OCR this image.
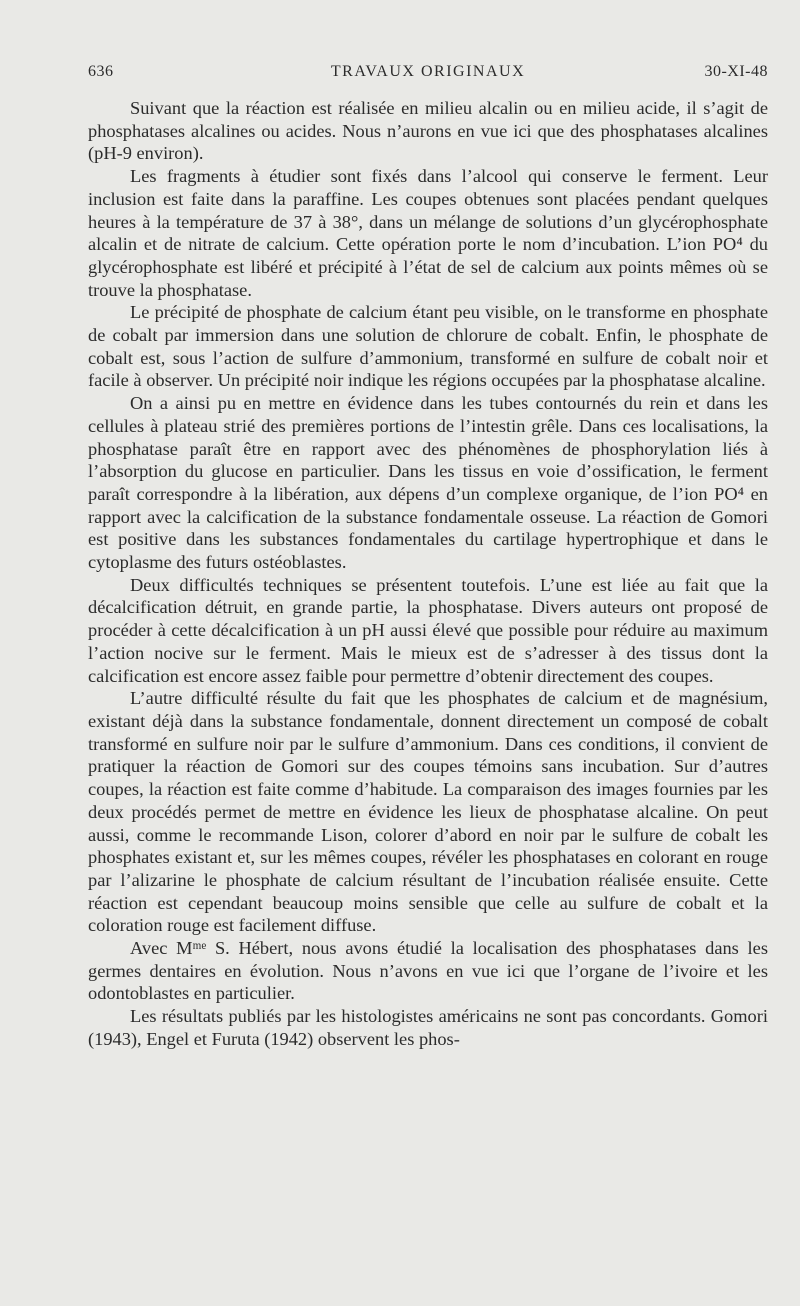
636	TRAVAUX ORIGINAUX	30-XI-48

Suivant que la réaction est réalisée en milieu alcalin ou en milieu acide, il s’agit de phosphatases alcalines ou acides. Nous n’aurons en vue ici que des phosphatases alcalines (pH-9 environ).

Les fragments à étudier sont fixés dans l’alcool qui conserve le ferment. Leur inclusion est faite dans la paraffine. Les coupes obtenues sont placées pendant quelques heures à la température de 37 à 38°, dans un mélange de solutions d’un glycérophosphate alcalin et de nitrate de calcium. Cette opération porte le nom d’incubation. L’ion PO⁴ du glycérophosphate est libéré et précipité à l’état de sel de calcium aux points mêmes où se trouve la phosphatase.

Le précipité de phosphate de calcium étant peu visible, on le transforme en phosphate de cobalt par immersion dans une solution de chlorure de cobalt. Enfin, le phosphate de cobalt est, sous l’action de sulfure d’ammonium, transformé en sulfure de cobalt noir et facile à observer. Un précipité noir indique les régions occupées par la phosphatase alcaline.

On a ainsi pu en mettre en évidence dans les tubes contournés du rein et dans les cellules à plateau strié des premières portions de l’intestin grêle. Dans ces localisations, la phosphatase paraît être en rapport avec des phénomènes de phosphorylation liés à l’absorption du glucose en particulier. Dans les tissus en voie d’ossification, le ferment paraît correspondre à la libération, aux dépens d’un complexe organique, de l’ion PO⁴ en rapport avec la calcification de la substance fondamentale osseuse. La réaction de Gomori est positive dans les substances fondamentales du cartilage hypertrophique et dans le cytoplasme des futurs ostéoblastes.

Deux difficultés techniques se présentent toutefois. L’une est liée au fait que la décalcification détruit, en grande partie, la phosphatase. Divers auteurs ont proposé de procéder à cette décalcification à un pH aussi élevé que possible pour réduire au maximum l’action nocive sur le ferment. Mais le mieux est de s’adresser à des tissus dont la calcification est encore assez faible pour permettre d’obtenir directement des coupes.

L’autre difficulté résulte du fait que les phosphates de calcium et de magnésium, existant déjà dans la substance fondamentale, donnent directement un composé de cobalt transformé en sulfure noir par le sulfure d’ammonium. Dans ces conditions, il convient de pratiquer la réaction de Gomori sur des coupes témoins sans incubation. Sur d’autres coupes, la réaction est faite comme d’habitude. La comparaison des images fournies par les deux procédés permet de mettre en évidence les lieux de phosphatase alcaline. On peut aussi, comme le recommande Lison, colorer d’abord en noir par le sulfure de cobalt les phosphates existant et, sur les mêmes coupes, révéler les phosphatases en colorant en rouge par l’alizarine le phosphate de calcium résultant de l’incubation réalisée ensuite. Cette réaction est cependant beaucoup moins sensible que celle au sulfure de cobalt et la coloration rouge est facilement diffuse.

Avec Mᵐᵉ S. Hébert, nous avons étudié la localisation des phosphatases dans les germes dentaires en évolution. Nous n’avons en vue ici que l’organe de l’ivoire et les odontoblastes en particulier.

Les résultats publiés par les histologistes américains ne sont pas concordants. Gomori (1943), Engel et Furuta (1942) observent les phos-
